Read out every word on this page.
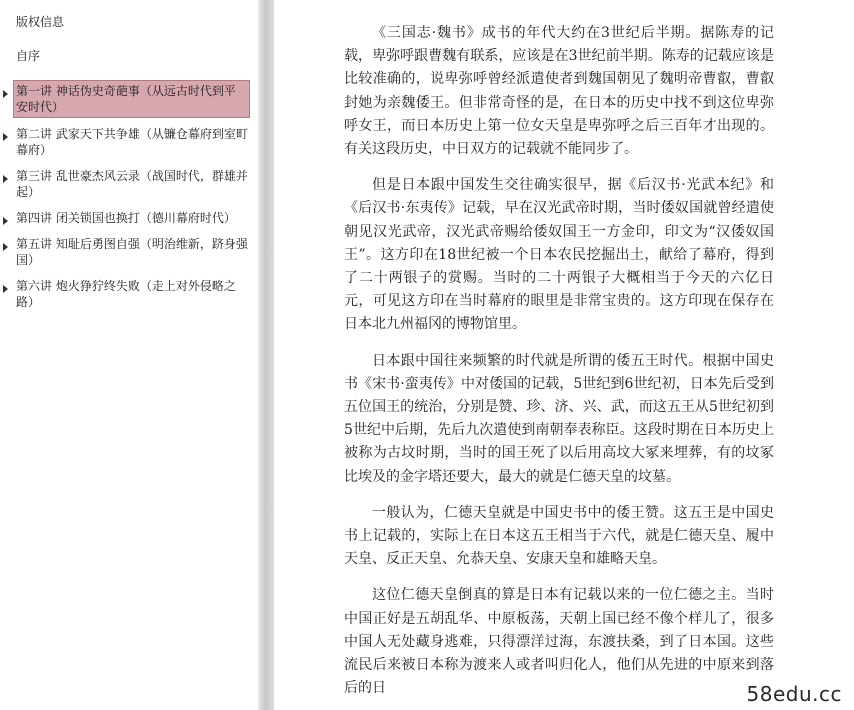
版权信息
自序
第一讲 神话伪史奇葩事（从远古时代到平安时代）
第二讲 武家天下共争雄（从镰仓幕府到室町幕府）
第三讲 乱世豪杰风云录（战国时代，群雄并起）
第四讲 闭关锁国也换打（德川幕府时代）
第五讲 知耻后勇图自强（明治维新，跻身强国）
第六讲 炮火狰狞终失败（走上对外侵略之路）

《三国志·魏书》成书的年代大约在3世纪后半期。据陈寿的记载，卑弥呼跟曹魏有联系，应该是在3世纪前半期。陈寿的记载应该是比较准确的，说卑弥呼曾经派遣使者到魏国朝见了魏明帝曹叡，曹叡封她为亲魏倭王。但非常奇怪的是，在日本的历史中找不到这位卑弥呼女王，而日本历史上第一位女天皇是卑弥呼之后三百年才出现的。有关这段历史，中日双方的记载就不能同步了。

但是日本跟中国发生交往确实很早，据《后汉书·光武本纪》和《后汉书·东夷传》记载，早在汉光武帝时期，当时倭奴国就曾经遣使朝见汉光武帝，汉光武帝赐给倭奴国王一方金印，印文为“汉倭奴国王”。这方印在18世纪被一个日本农民挖掘出土，献给了幕府，得到了二十两银子的赏赐。当时的二十两银子大概相当于今天的六亿日元，可见这方印在当时幕府的眼里是非常宝贵的。这方印现在保存在日本北九州福冈的博物馆里。

日本跟中国往来频繁的时代就是所谓的倭五王时代。根据中国史书《宋书·蛮夷传》中对倭国的记载，5世纪到6世纪初，日本先后受到五位国王的统治，分别是赞、珍、济、兴、武，而这五王从5世纪初到5世纪中后期，先后九次遣使到南朝奉表称臣。这段时期在日本历史上被称为古坟时期，当时的国王死了以后用高坟大冢来埋葬，有的坟冢比埃及的金字塔还要大，最大的就是仁德天皇的坟墓。

一般认为，仁德天皇就是中国史书中的倭王赞。这五王是中国史书上记载的，实际上在日本这五王相当于六代，就是仁德天皇、履中天皇、反正天皇、允恭天皇、安康天皇和雄略天皇。

这位仁德天皇倒真的算是日本有记载以来的一位仁德之主。当时中国正好是五胡乱华、中原板荡，天朝上国已经不像个样儿了，很多中国人无处藏身逃难，只得漂洋过海，东渡扶桑，到了日本国。这些流民后来被日本称为渡来人或者叫归化人，他们从先进的中原来到落后的日	58edu.cc
